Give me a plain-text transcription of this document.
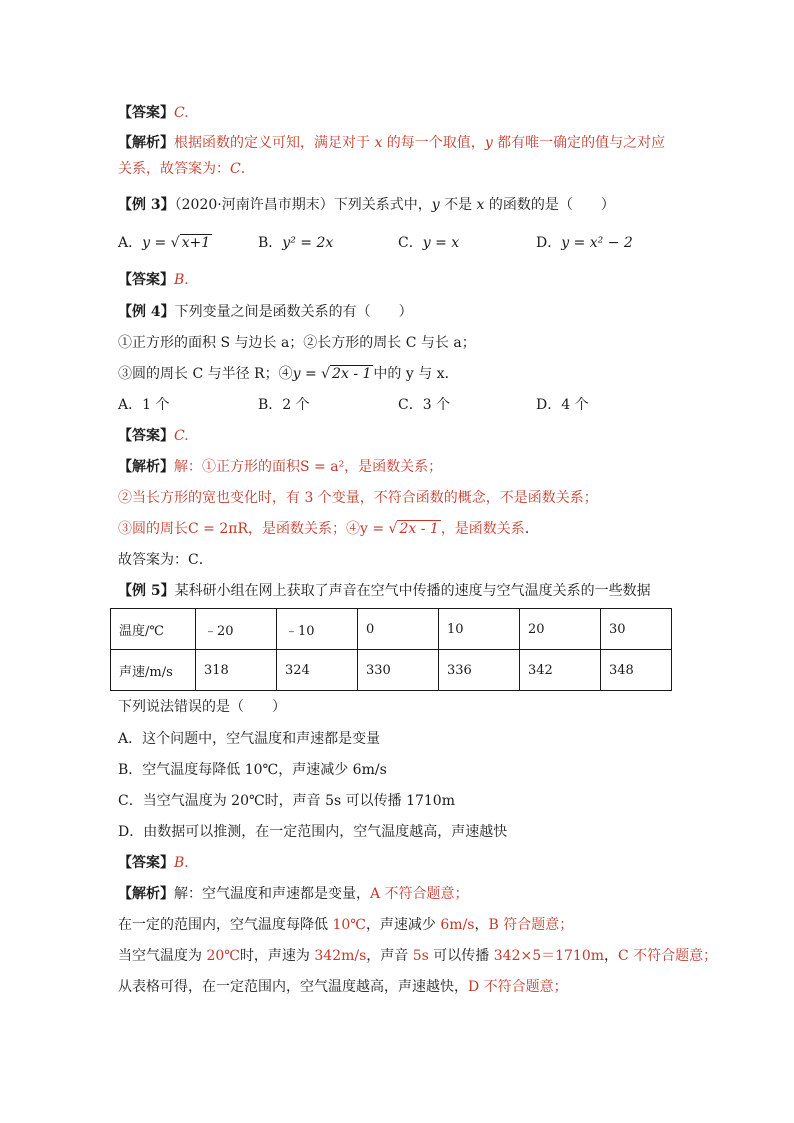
【答案】C.
【解析】根据函数的定义可知，满足对于 x 的每一个取值，y 都有唯一确定的值与之对应关系，故答案为：C.
【例 3】（2020·河南许昌市期末）下列关系式中，y 不是 x 的函数的是（　　）
A．y = √ x+1	B．y² = 2x	C．y = x	D．y = x² − 2
【答案】B.
【例 4】下列变量之间是函数关系的有（　　）
①正方形的面积 S 与边长 a；②长方形的周长 C 与长 a；
③圆的周长 C 与半径 R；④y = √ 2x - 1 中的 y 与 x．
A．1 个	B．2 个	C．3 个	D．4 个
【答案】C.
【解析】解：①正方形的面积S = a²，是函数关系；
②当长方形的宽也变化时，有 3 个变量，不符合函数的概念，不是函数关系；
③圆的周长C = 2πR，是函数关系；④y = √ 2x - 1 ，是函数关系．
故答案为：C．
【例 5】某科研小组在网上获取了声音在空气中传播的速度与空气温度关系的一些数据
温度/℃	﹣20	﹣10	0	10	20	30
声速/m/s	318	324	330	336	342	348
下列说法错误的是（　　）
A．这个问题中，空气温度和声速都是变量
B．空气温度每降低 10℃，声速减少 6m/s
C．当空气温度为 20℃时，声音 5s 可以传播 1710m
D．由数据可以推测，在一定范围内，空气温度越高，声速越快
【答案】B.
【解析】解：空气温度和声速都是变量，A 不符合题意；
在一定的范围内，空气温度每降低 10℃，声速减少 6m/s，B 符合题意；
当空气温度为 20℃时，声速为 342m/s，声音 5s 可以传播 342×5＝1710m，C 不符合题意；
从表格可得，在一定范围内，空气温度越高，声速越快，D 不符合题意；
